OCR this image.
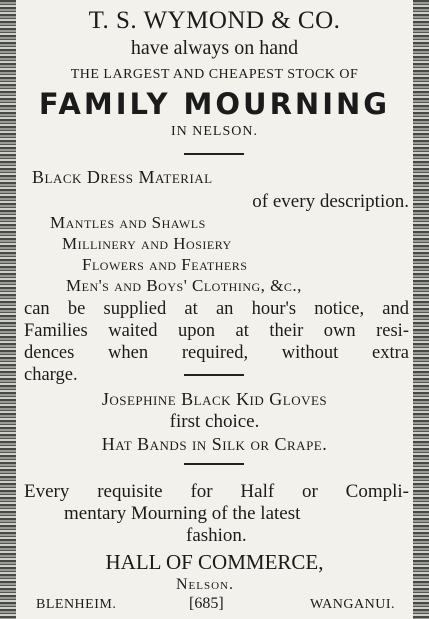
T. S. WYMOND & CO.
have always on hand
THE LARGEST AND CHEAPEST STOCK OF
FAMILY MOURNING
IN NELSON.
Black Dress Material
of every description.
Mantles and Shawls
Millinery and Hosiery
Flowers and Feathers
Men's and Boys' Clothing, &c.,
can be supplied at an hour's notice, and
Families waited upon at their own resi-
dences when required, without extra
charge.
Josephine Black Kid Gloves
first choice.
Hat Bands in Silk or Crape.
Every requisite for Half or Compli-
mentary Mourning of the latest
fashion.
HALL OF COMMERCE,
Nelson.
BLENHEIM.	[685]	WANGANUI.
